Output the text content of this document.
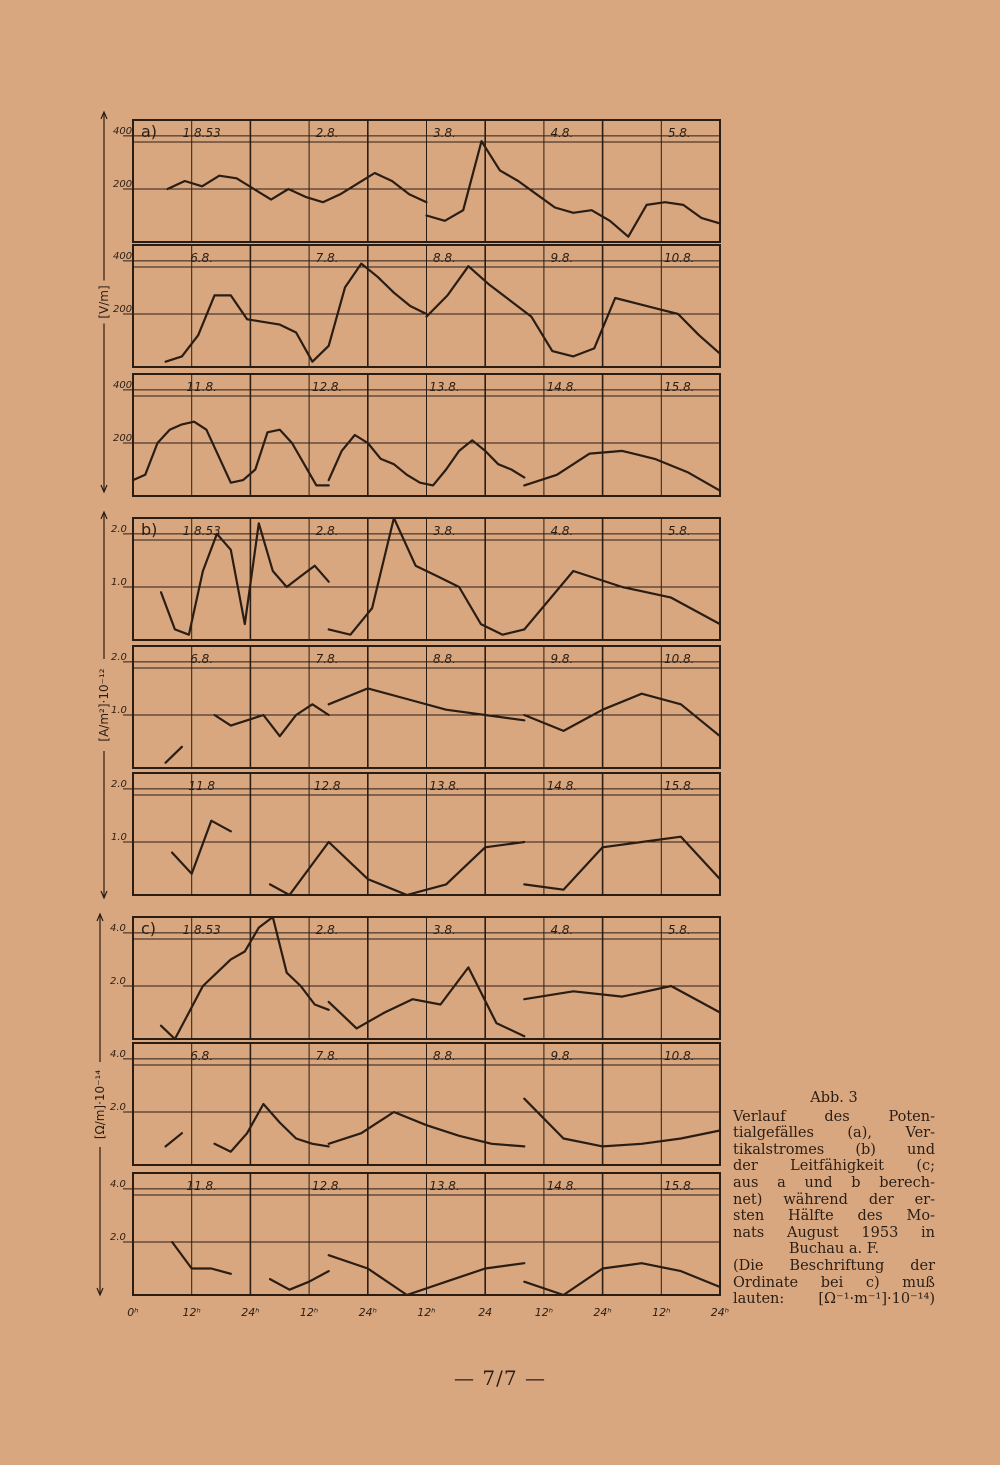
[V/m]
400
200
a) 1.8.53	2.8.	3.8.	4.8.	5.8.
400
200
6.8.	7.8.	8.8.	9.8.	10.8.
400
200
11.8.	12.8.	13.8.	14.8.	15.8.
[A/m²]·10⁻¹²
2.0
1.0
b) 1.8.53	2.8.	3.8.	4.8.	5.8.
2.0
1.0
6.8.	7.8.	8.8.	9.8.	10.8.
2.0
1.0
11.8	12.8	13.8.	14.8.	15.8.
[Ω/m]·10⁻¹⁴
4.0
2.0
c) 1.8.53	2.8.	3.8.	4.8.	5.8.
4.0
2.0
6.8.	7.8.	8.8.	9.8.	10.8.
4.0
2.0
11.8.	12.8.	13.8.	14.8.	15.8.
0ʰ	12ʰ	24ʰ	12ʰ	24ʰ	12ʰ	24	12ʰ	24ʰ	12ʰ	24ʰ
Abb. 3
Verlauf des Poten-
tialgefälles (a), Ver-
tikalstromes (b) und
der Leitfähigkeit (c;
aus a und b berech-
net) während der er-
sten Hälfte des Mo-
nats August 1953 in
Buchau a. F.
(Die Beschriftung der
Ordinate bei c) muß
lauten: [Ω⁻¹·m⁻¹]·10⁻¹⁴)
— 7/7 —
